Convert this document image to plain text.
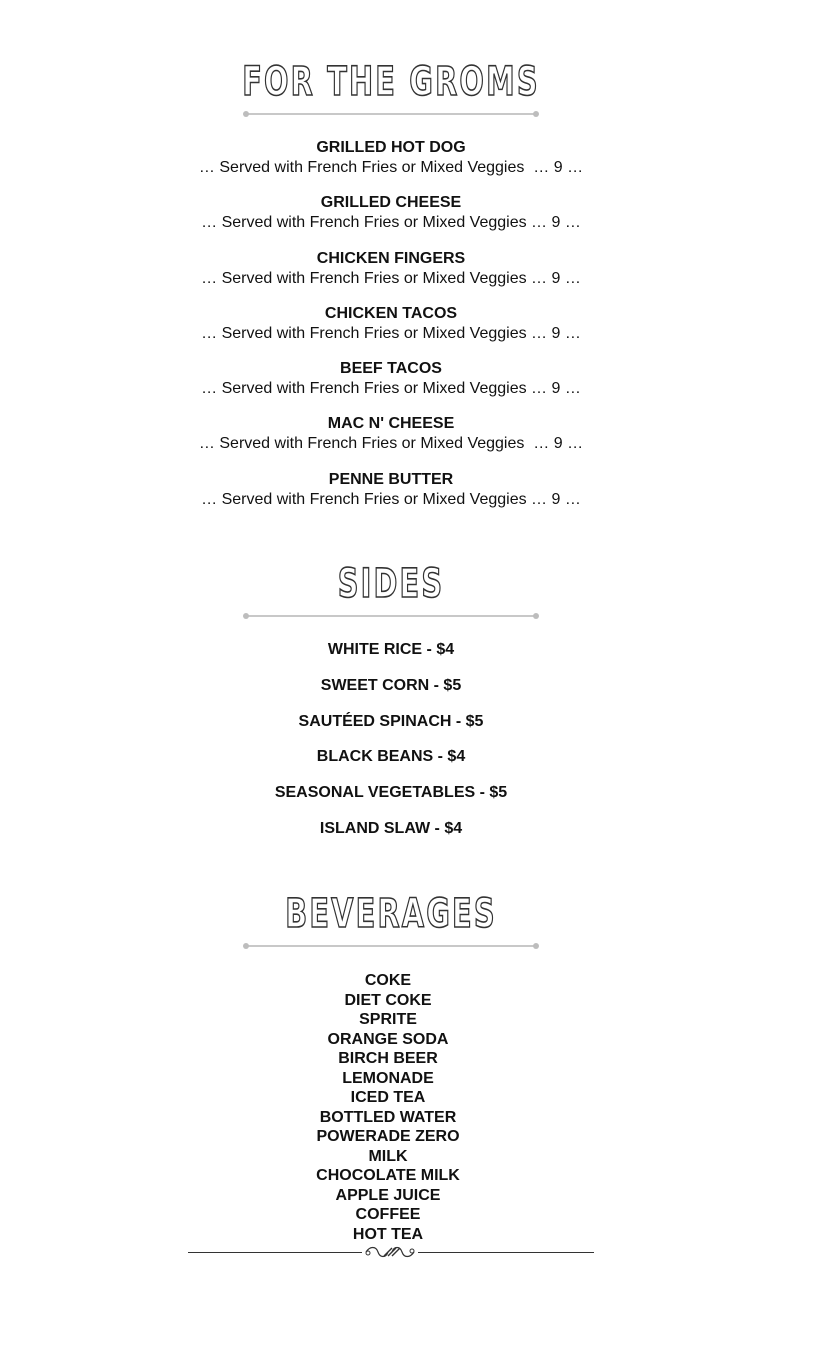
FOR THE GROMS
GRILLED HOT DOG
… Served with French Fries or Mixed Veggies  … 9 …
GRILLED CHEESE
… Served with French Fries or Mixed Veggies … 9 …
CHICKEN FINGERS
… Served with French Fries or Mixed Veggies … 9 …
CHICKEN TACOS
… Served with French Fries or Mixed Veggies … 9 …
BEEF TACOS
… Served with French Fries or Mixed Veggies … 9 …
MAC N' CHEESE
… Served with French Fries or Mixed Veggies  … 9 …
PENNE BUTTER
… Served with French Fries or Mixed Veggies … 9 …
SIDES
WHITE RICE - $4
SWEET CORN - $5
SAUTÉED SPINACH - $5
BLACK BEANS - $4
SEASONAL VEGETABLES - $5
ISLAND SLAW - $4
BEVERAGES
COKE
DIET COKE
SPRITE
ORANGE SODA
BIRCH BEER
LEMONADE
ICED TEA
BOTTLED WATER
POWERADE ZERO
MILK
CHOCOLATE MILK
APPLE JUICE
COFFEE
HOT TEA
